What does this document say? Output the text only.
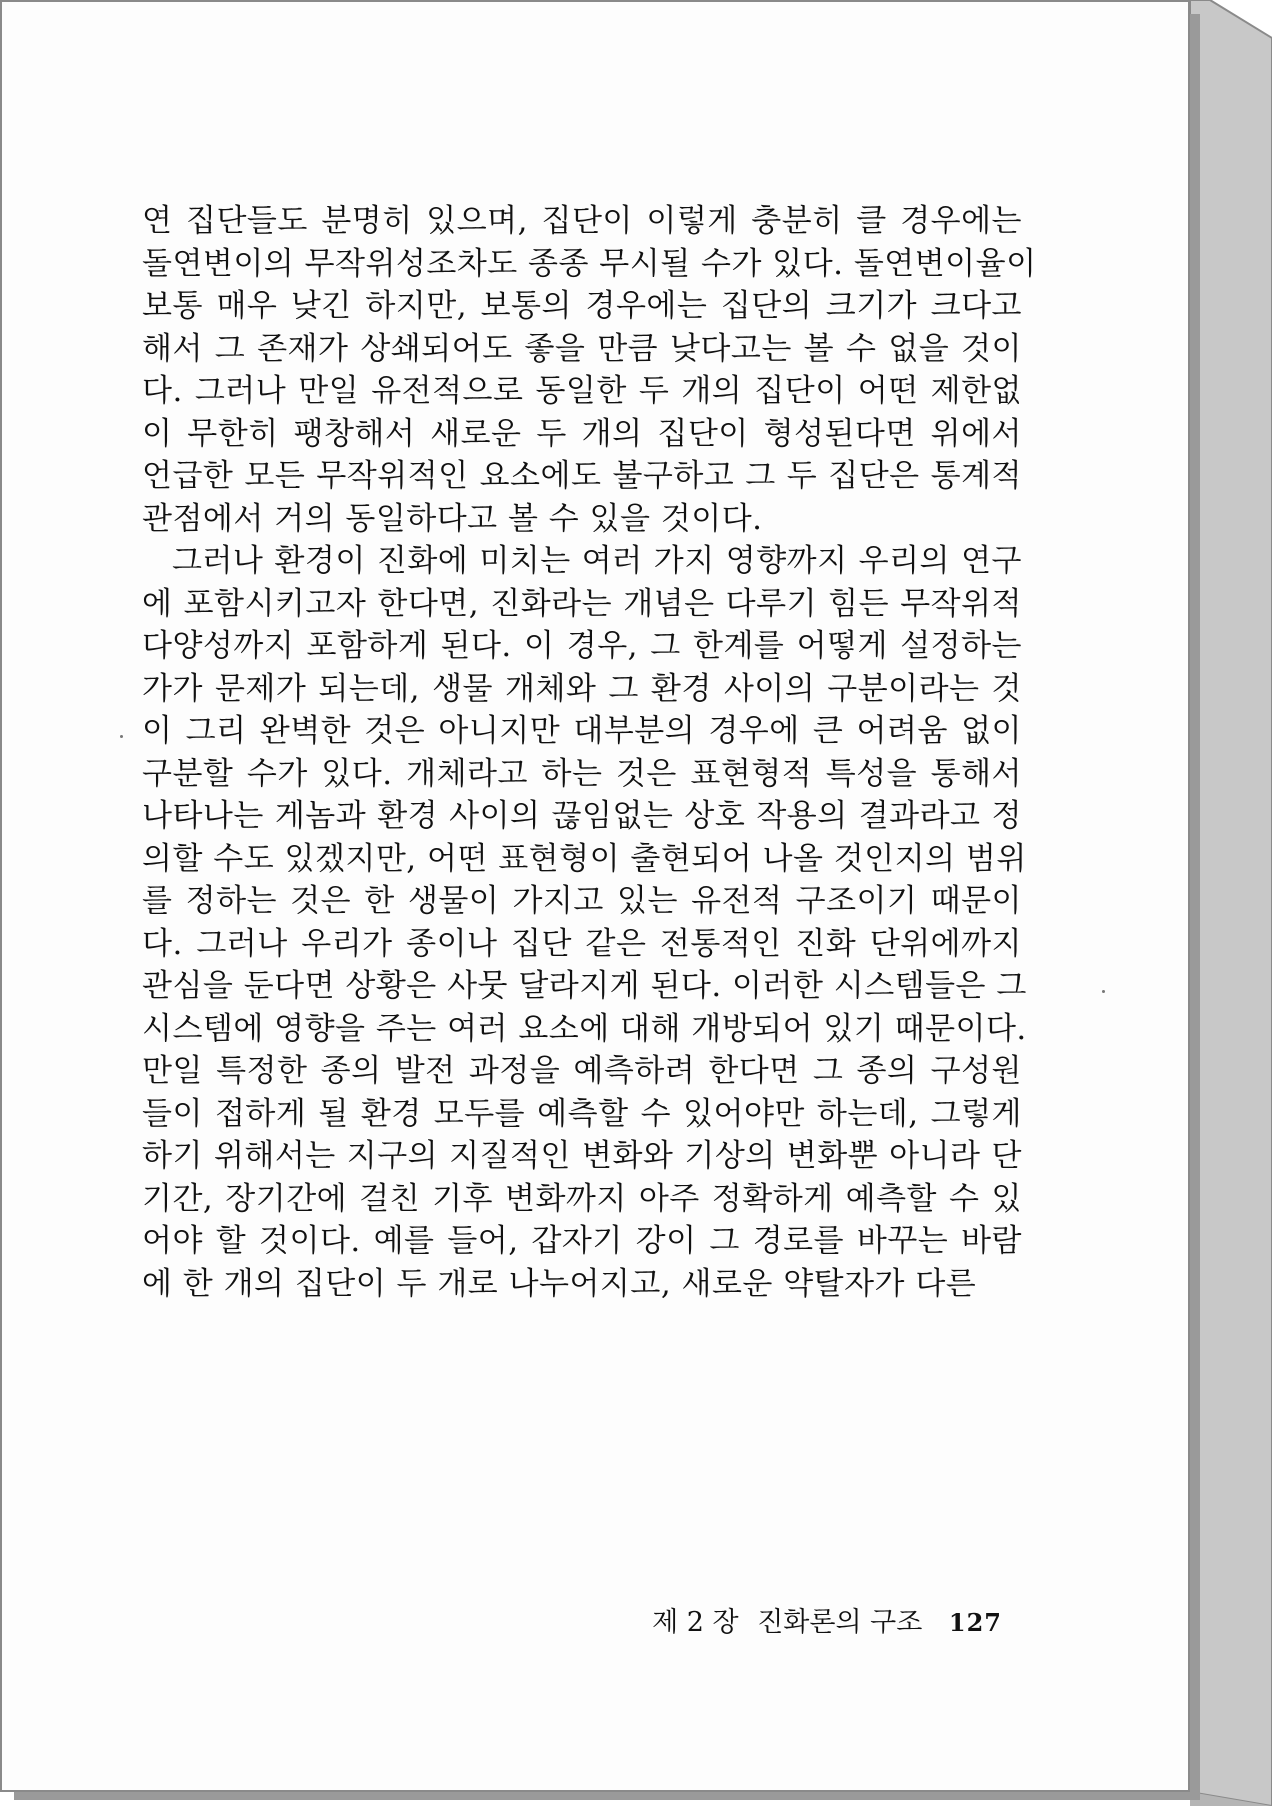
연 집단들도 분명히 있으며, 집단이 이렇게 충분히 클 경우에는
돌연변이의 무작위성조차도 종종 무시될 수가 있다. 돌연변이율이
보통 매우 낮긴 하지만, 보통의 경우에는 집단의 크기가 크다고
해서 그 존재가 상쇄되어도 좋을 만큼 낮다고는 볼 수 없을 것이
다. 그러나 만일 유전적으로 동일한 두 개의 집단이 어떤 제한없
이 무한히 팽창해서 새로운 두 개의 집단이 형성된다면 위에서
언급한 모든 무작위적인 요소에도 불구하고 그 두 집단은 통계적
관점에서 거의 동일하다고 볼 수 있을 것이다.

그러나 환경이 진화에 미치는 여러 가지 영향까지 우리의 연구
에 포함시키고자 한다면, 진화라는 개념은 다루기 힘든 무작위적
다양성까지 포함하게 된다. 이 경우, 그 한계를 어떻게 설정하는
가가 문제가 되는데, 생물 개체와 그 환경 사이의 구분이라는 것
이 그리 완벽한 것은 아니지만 대부분의 경우에 큰 어려움 없이
구분할 수가 있다. 개체라고 하는 것은 표현형적 특성을 통해서
나타나는 게놈과 환경 사이의 끊임없는 상호 작용의 결과라고 정
의할 수도 있겠지만, 어떤 표현형이 출현되어 나올 것인지의 범위
를 정하는 것은 한 생물이 가지고 있는 유전적 구조이기 때문이
다. 그러나 우리가 종이나 집단 같은 전통적인 진화 단위에까지
관심을 둔다면 상황은 사뭇 달라지게 된다. 이러한 시스템들은 그
시스템에 영향을 주는 여러 요소에 대해 개방되어 있기 때문이다.
만일 특정한 종의 발전 과정을 예측하려 한다면 그 종의 구성원
들이 접하게 될 환경 모두를 예측할 수 있어야만 하는데, 그렇게
하기 위해서는 지구의 지질적인 변화와 기상의 변화뿐 아니라 단
기간, 장기간에 걸친 기후 변화까지 아주 정확하게 예측할 수 있
어야 할 것이다. 예를 들어, 갑자기 강이 그 경로를 바꾸는 바람
에 한 개의 집단이 두 개로 나누어지고, 새로운 약탈자가 다른

제 2 장 진화론의 구조 127
